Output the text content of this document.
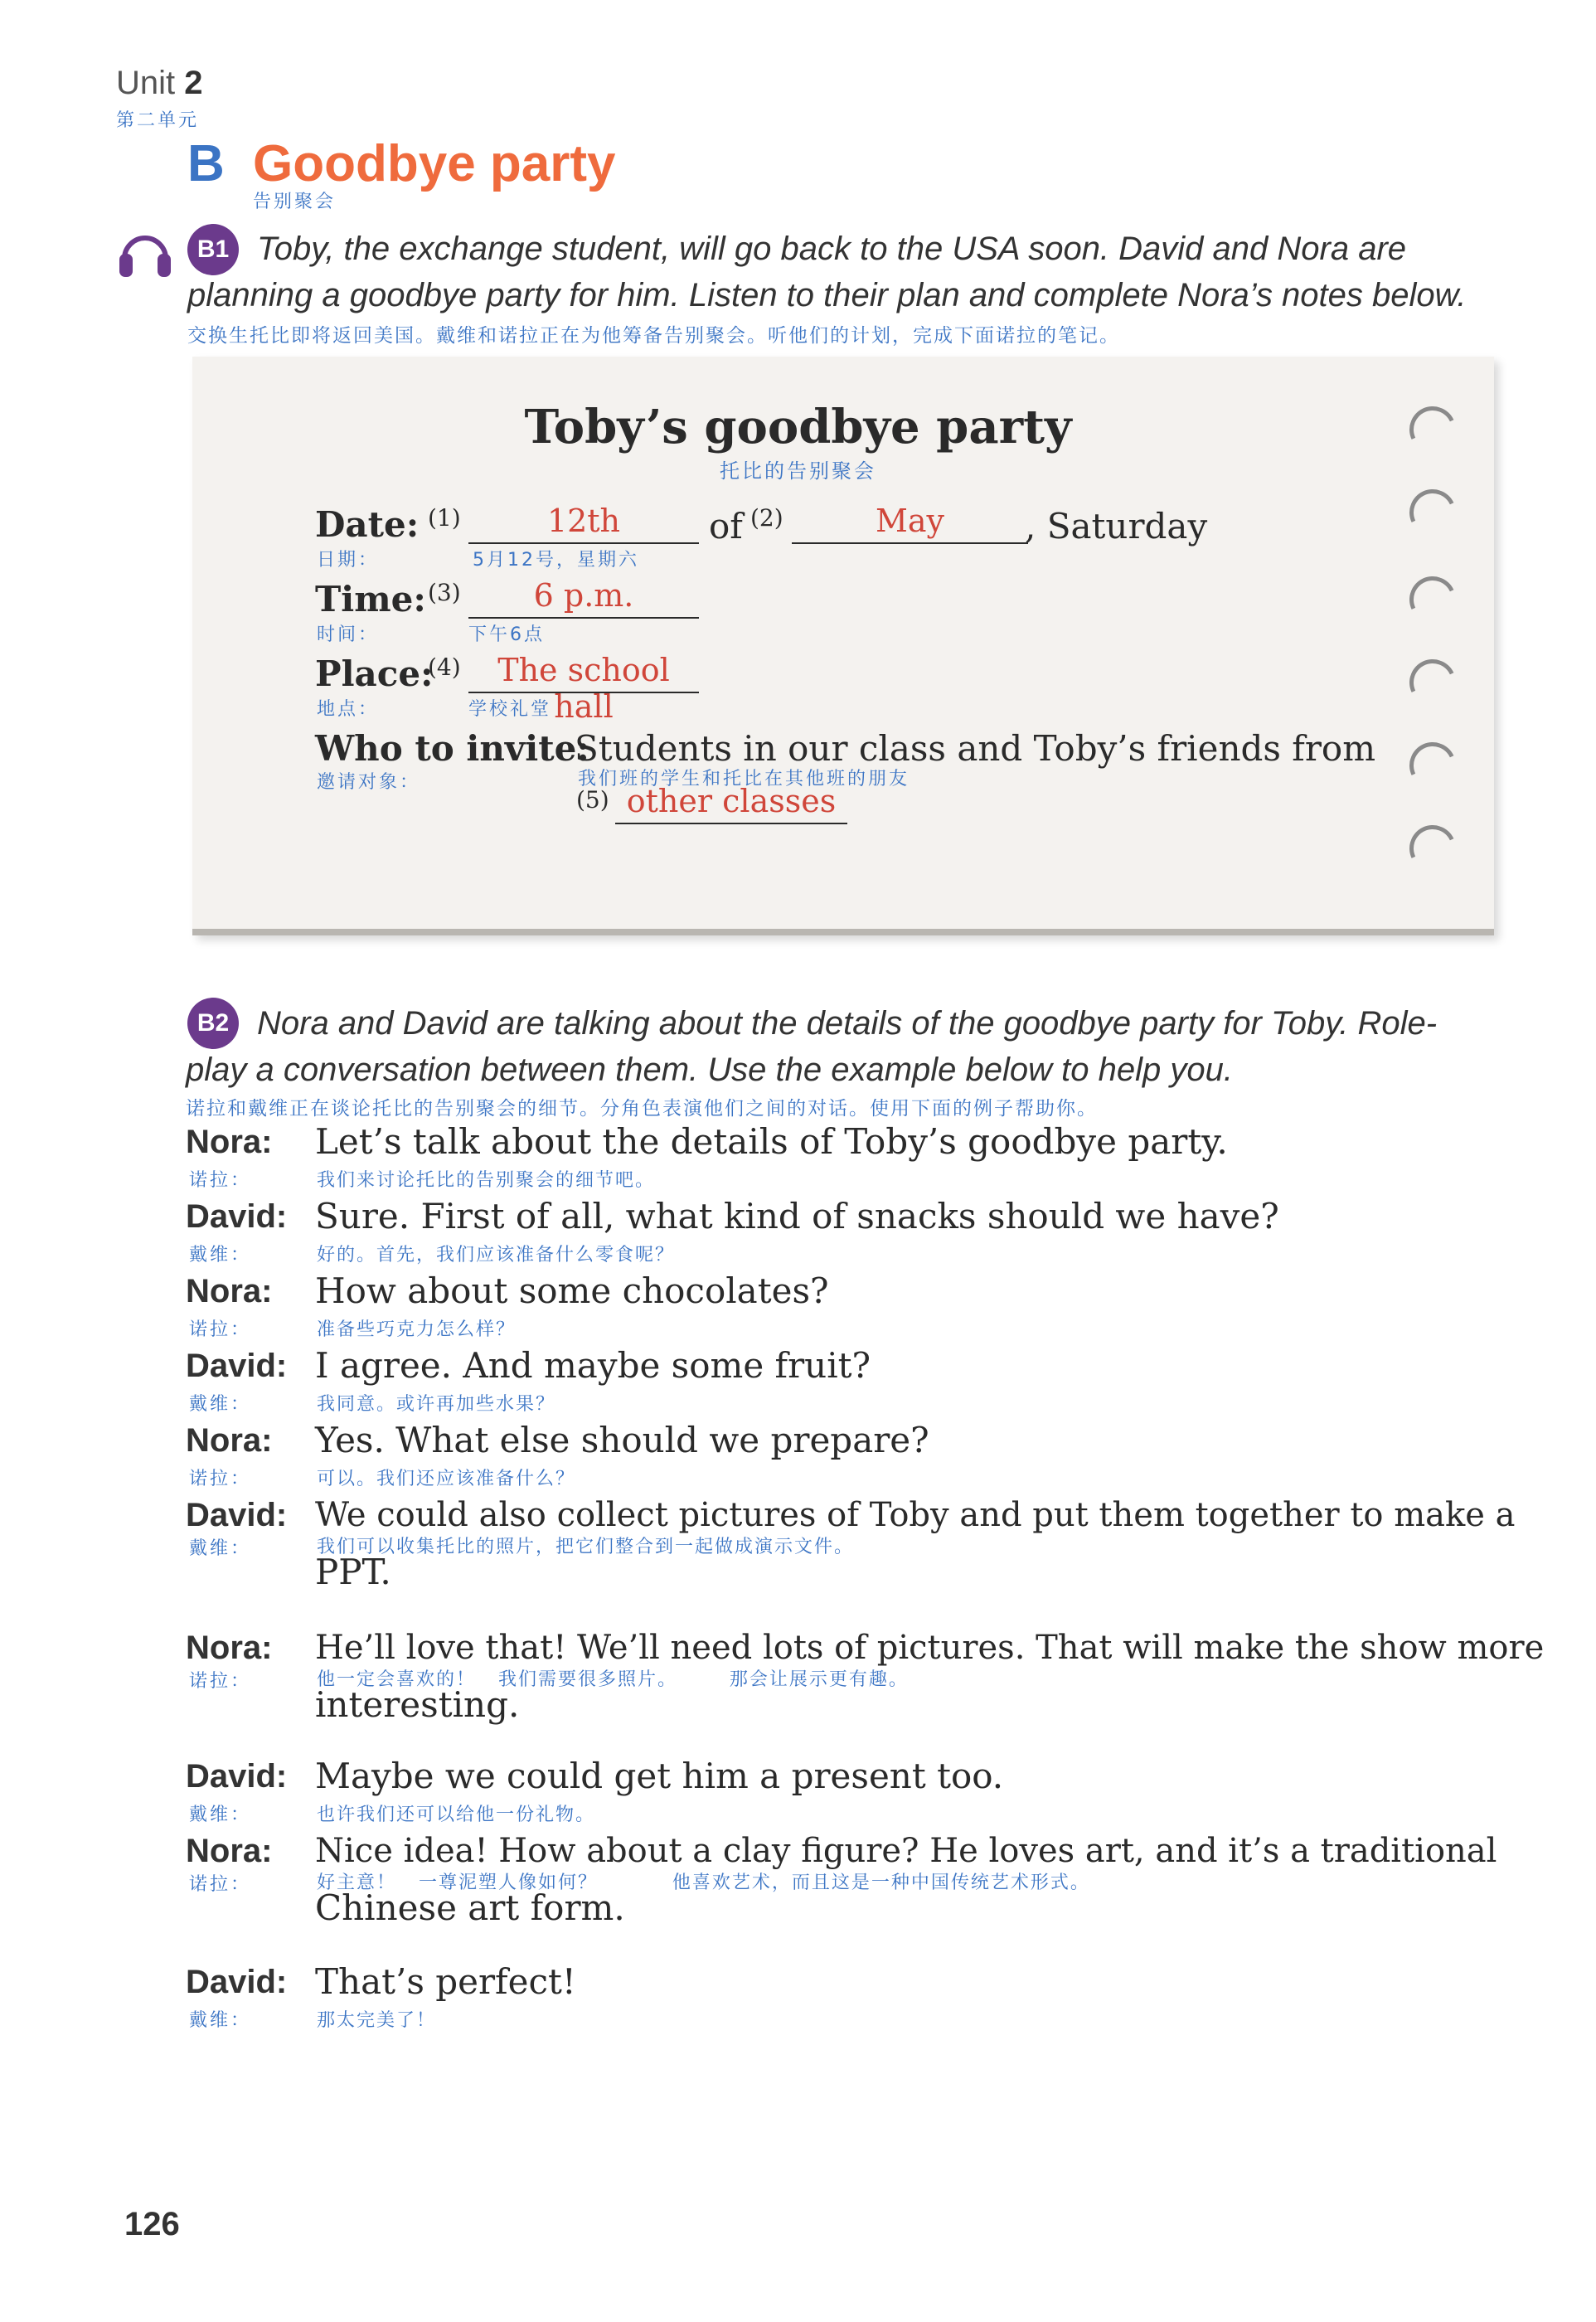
Unit 2
第二单元
B Goodbye party
告别聚会
B1 Toby, the exchange student, will go back to the USA soon. David and Nora are
planning a goodbye party for him. Listen to their plan and complete Nora’s notes below.
交换生托比即将返回美国。戴维和诺拉正在为他筹备告别聚会。听他们的计划，完成下面诺拉的笔记。
Toby’s goodbye party
托比的告别聚会
Date:
日期：
(1)	12th	of (2)	May	, Saturday
5月12号，星期六
Time:
时间：
(3)	6 p.m.
下午6点
Place:
地点：
(4)	The school hall
学校礼堂
Who to invite:
邀请对象：
Students in our class and Toby’s friends from
我们班的学生和托比在其他班的朋友
(5) other classes
B2 Nora and David are talking about the details of the goodbye party for Toby. Role-
play a conversation between them. Use the example below to help you.
诺拉和戴维正在谈论托比的告别聚会的细节。分角色表演他们之间的对话。使用下面的例子帮助你。
Nora:
诺拉：
Let’s talk about the details of Toby’s goodbye party.
我们来讨论托比的告别聚会的细节吧。
David:
戴维：
Sure. First of all, what kind of snacks should we have?
好的。首先，我们应该准备什么零食呢？
Nora:
诺拉：
How about some chocolates?
准备些巧克力怎么样？
David:
戴维：
I agree. And maybe some fruit?
我同意。或许再加些水果？
Nora:
诺拉：
Yes. What else should we prepare?
可以。我们还应该准备什么？
David:
戴维：
We could also collect pictures of Toby and put them together to make a
我们可以收集托比的照片，把它们整合到一起做成演示文件。
PPT.
Nora:
诺拉：
He’ll love that! We’ll need lots of pictures. That will make the show more
他一定会喜欢的！   我们需要很多照片。       那会让展示更有趣。
interesting.
David:
戴维：
Maybe we could get him a present too.
也许我们还可以给他一份礼物。
Nora:
诺拉：
Nice idea! How about a clay figure? He loves art, and it’s a traditional
好主意！   一尊泥塑人像如何？          他喜欢艺术，而且这是一种中国传统艺术形式。
Chinese art form.
David:
戴维：
That’s perfect!
那太完美了！
126
